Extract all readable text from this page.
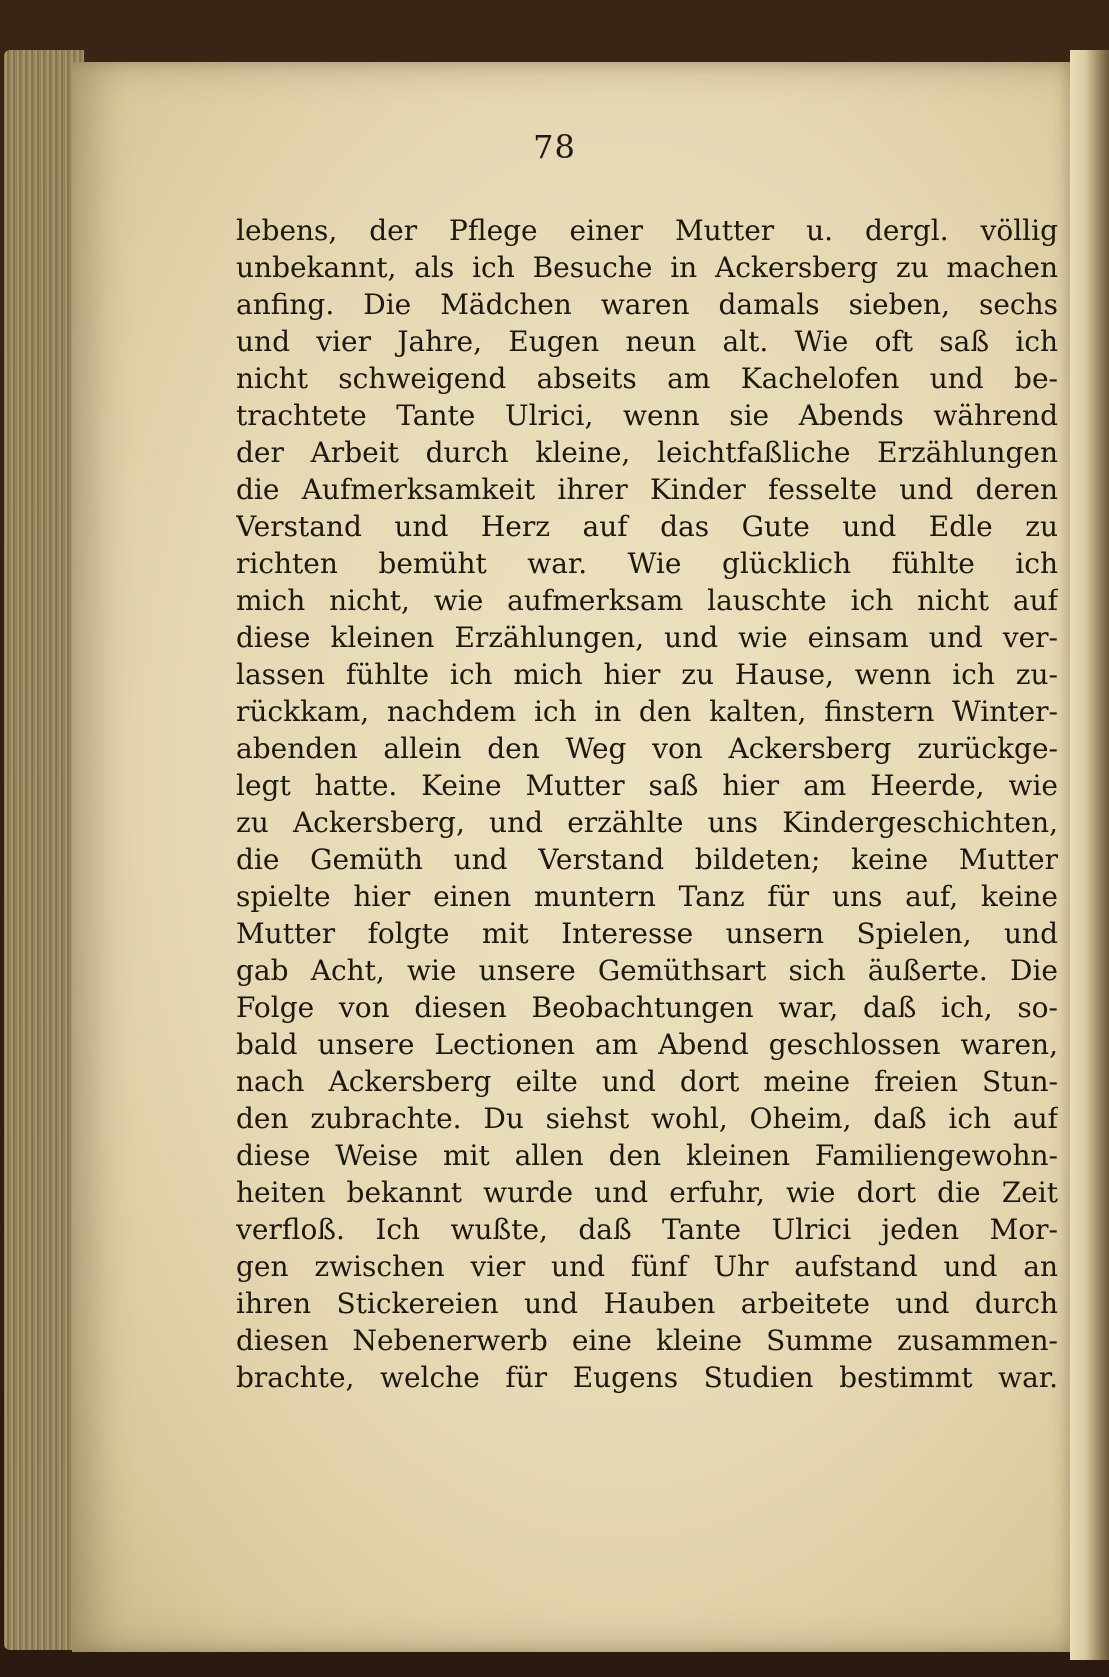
78
lebens, der Pflege einer Mutter u. dergl. völlig
unbekannt, als ich Besuche in Ackersberg zu machen
anfing. Die Mädchen waren damals sieben, sechs
und vier Jahre, Eugen neun alt. Wie oft saß ich
nicht schweigend abseits am Kachelofen und be-
trachtete Tante Ulrici, wenn sie Abends während
der Arbeit durch kleine, leichtfaßliche Erzählungen
die Aufmerksamkeit ihrer Kinder fesselte und deren
Verstand und Herz auf das Gute und Edle zu
richten bemüht war. Wie glücklich fühlte ich
mich nicht, wie aufmerksam lauschte ich nicht auf
diese kleinen Erzählungen, und wie einsam und ver-
lassen fühlte ich mich hier zu Hause, wenn ich zu-
rückkam, nachdem ich in den kalten, finstern Winter-
abenden allein den Weg von Ackersberg zurückge-
legt hatte. Keine Mutter saß hier am Heerde, wie
zu Ackersberg, und erzählte uns Kindergeschichten,
die Gemüth und Verstand bildeten; keine Mutter
spielte hier einen muntern Tanz für uns auf, keine
Mutter folgte mit Interesse unsern Spielen, und
gab Acht, wie unsere Gemüthsart sich äußerte. Die
Folge von diesen Beobachtungen war, daß ich, so-
bald unsere Lectionen am Abend geschlossen waren,
nach Ackersberg eilte und dort meine freien Stun-
den zubrachte. Du siehst wohl, Oheim, daß ich auf
diese Weise mit allen den kleinen Familiengewohn-
heiten bekannt wurde und erfuhr, wie dort die Zeit
verfloß. Ich wußte, daß Tante Ulrici jeden Mor-
gen zwischen vier und fünf Uhr aufstand und an
ihren Stickereien und Hauben arbeitete und durch
diesen Nebenerwerb eine kleine Summe zusammen-
brachte, welche für Eugens Studien bestimmt war.
